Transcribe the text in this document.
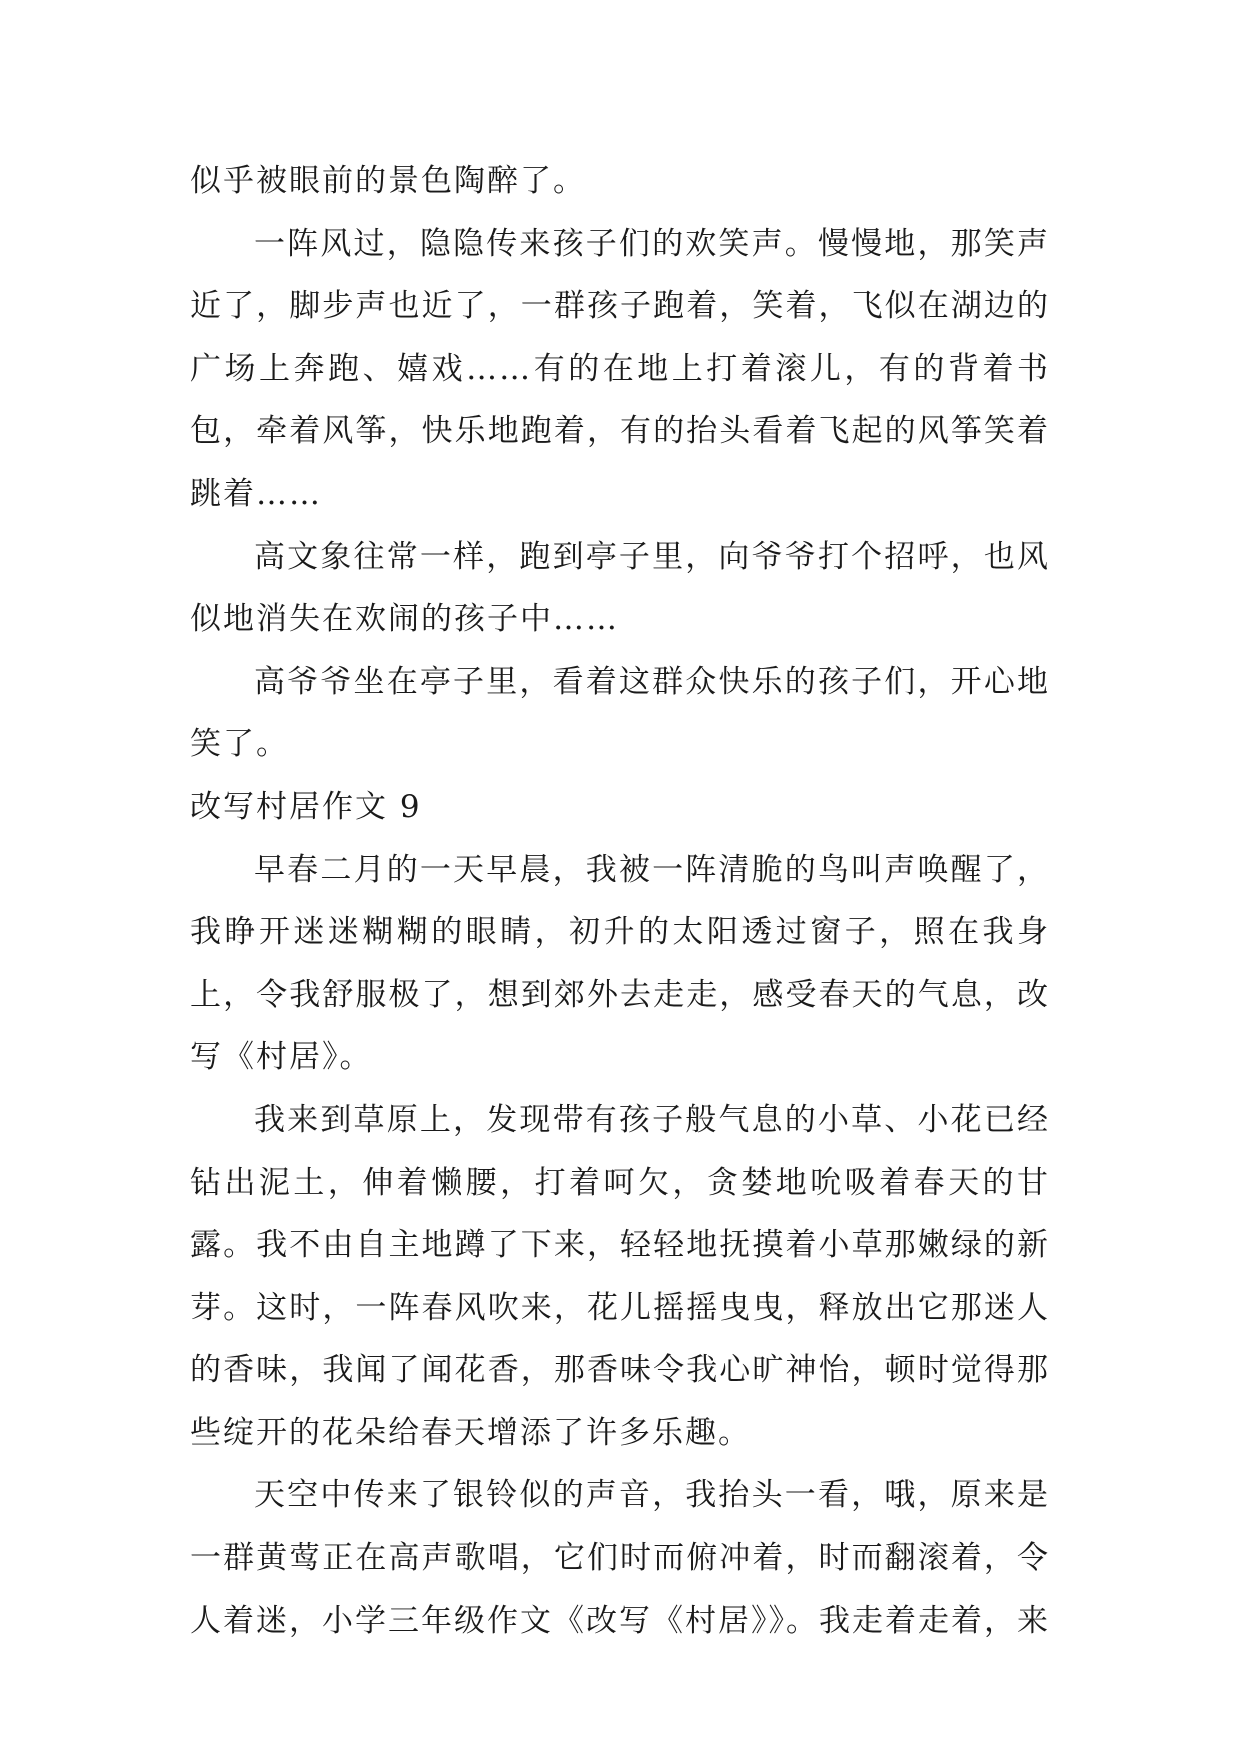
似乎被眼前的景色陶醉了。

一阵风过，隐隐传来孩子们的欢笑声。慢慢地，那笑声近了，脚步声也近了，一群孩子跑着，笑着，飞似在湖边的广场上奔跑、嬉戏……有的在地上打着滚儿，有的背着书包，牵着风筝，快乐地跑着，有的抬头看着飞起的风筝笑着跳着……

高文象往常一样，跑到亭子里，向爷爷打个招呼，也风似地消失在欢闹的孩子中……

高爷爷坐在亭子里，看着这群众快乐的孩子们，开心地笑了。

改写村居作文 9

早春二月的一天早晨，我被一阵清脆的鸟叫声唤醒了，我睁开迷迷糊糊的眼睛，初升的太阳透过窗子，照在我身上，令我舒服极了，想到郊外去走走，感受春天的气息，改写《村居》。

我来到草原上，发现带有孩子般气息的小草、小花已经钻出泥土，伸着懒腰，打着呵欠，贪婪地吮吸着春天的甘露。我不由自主地蹲了下来，轻轻地抚摸着小草那嫩绿的新芽。这时，一阵春风吹来，花儿摇摇曳曳，释放出它那迷人的香味，我闻了闻花香，那香味令我心旷神怡，顿时觉得那些绽开的花朵给春天增添了许多乐趣。

天空中传来了银铃似的声音，我抬头一看，哦，原来是一群黄莺正在高声歌唱，它们时而俯冲着，时而翻滚着，令人着迷，小学三年级作文《改写《村居》》。我走着走着，来
